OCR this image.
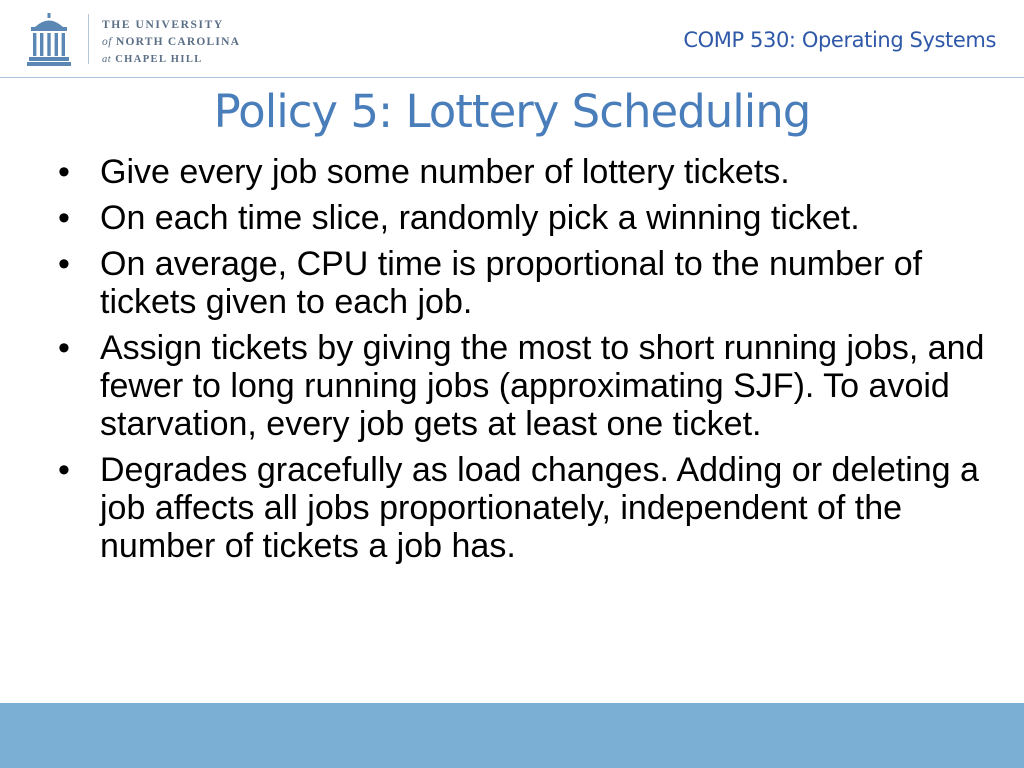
THE UNIVERSITY
of NORTH CAROLINA
at CHAPEL HILL
COMP 530: Operating Systems
Policy 5: Lottery Scheduling
• Give every job some number of lottery tickets.
• On each time slice, randomly pick a winning ticket.
• On average, CPU time is proportional to the number of tickets given to each job.
• Assign tickets by giving the most to short running jobs, and fewer to long running jobs (approximating SJF). To avoid starvation, every job gets at least one ticket.
• Degrades gracefully as load changes. Adding or deleting a job affects all jobs proportionately, independent of the number of tickets a job has.
